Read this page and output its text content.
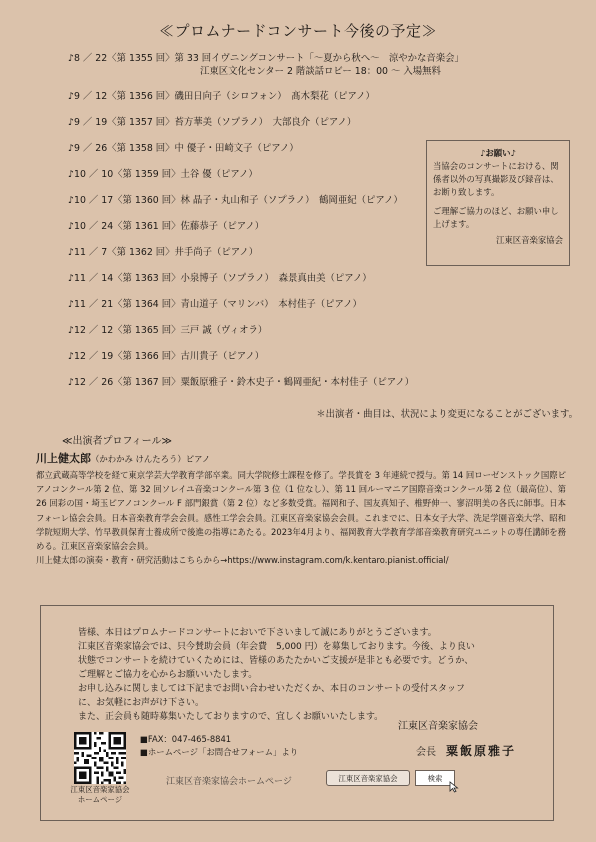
≪プロムナードコンサート今後の予定≫
♪8 ／ 22〈第 1355 回〉第 33 回イヴニングコンサート「～夏から秋へ～　涼やかな音楽会」
江東区文化センター 2 階談話ロビー 18：00 ～ 入場無料
♪9 ／ 12〈第 1356 回〉磯田日向子（シロフォン）　髙木梨花（ピアノ）
♪9 ／ 19〈第 1357 回〉苔方華美（ソプラノ）　大部良介（ピアノ）
♪9 ／ 26〈第 1358 回〉中 優子・田崎文子（ピアノ）
♪10 ／ 10〈第 1359 回〉土谷 優（ピアノ）
♪10 ／ 17〈第 1360 回〉林 晶子・丸山和子（ソプラノ）　鶴岡亜紀（ピアノ）
♪10 ／ 24〈第 1361 回〉佐藤恭子（ピアノ）
♪11 ／ 7〈第 1362 回〉井手尚子（ピアノ）
♪11 ／ 14〈第 1363 回〉小泉博子（ソプラノ）　森景真由美（ピアノ）
♪11 ／ 21〈第 1364 回〉青山道子（マリンバ）　本村佳子（ピアノ）
♪12 ／ 12〈第 1365 回〉三戸 誠（ヴィオラ）
♪12 ／ 19〈第 1366 回〉古川貴子（ピアノ）
♪12 ／ 26〈第 1367 回〉粟飯原雅子・鈴木史子・鶴岡亜紀・本村佳子（ピアノ）
♪お願い♪
当協会のコンサートにおける、関係者以外の写真撮影及び録音は、お断り致します。
ご理解ご協力のほど、お願い申し上げます。
江東区音楽家協会
＊出演者・曲目は、状況により変更になることがございます。
≪出演者プロフィール≫
川上健太郎（かわかみ けんたろう）ピアノ
都立武蔵高等学校を経て東京学芸大学教育学部卒業。同大学院修士課程を修了。学長賞を 3 年連続で授与。第 14 回ローゼンストック国際ピアノコンクール第 2 位、第 32 回ソレイユ音楽コンクール第 3 位（1 位なし）、第 11 回ルーマニア国際音楽コンクール第 2 位（最高位）、第 26 回彩の国・埼玉ピアノコンクール F 部門銀賞（第 2 位）など多数受賞。福岡和子、国友真知子、椎野伸一、寥沼明美の各氏に師事。日本フォーレ協会会員。日本音楽教育学会会員。感性工学会会員。江東区音楽家協会会員。これまでに、日本女子大学、洗足学園音楽大学、昭和学院短期大学、竹早教員保育士養成所で後進の指導にあたる。2023年4月より、福岡教育大学教育学部音楽教育研究ユニットの専任講師を務める。江東区音楽家協会会員。
川上健太郎の演奏・教育・研究活動はこちらから→https://www.instagram.com/k.kentaro.pianist.official/
皆様、本日はプロムナードコンサートにおいで下さいまして誠にありがとうございます。
江東区音楽家協会では、只今賛助会員（年会費　5,000 円）を募集しております。今後、より良い
状態でコンサートを続けていくためには、皆様のあたたかいご支援が是非とも必要です。どうか、
ご理解とご協力を心からお願いいたします。
お申し込みに関しましては下記までお問い合わせいただくか、本日のコンサートの受付スタッフ
に、お気軽にお声がけ下さい。
また、正会員も随時募集いたしておりますので、宜しくお願いいたします。
江東区音楽家協会
ホームページ
■FAX：047‐465‐8841
■ホームページ「お問合せフォーム」より
江東区音楽家協会
会長 粟飯原雅子
江東区音楽家協会ホームページ	江東区音楽家協会	検索
